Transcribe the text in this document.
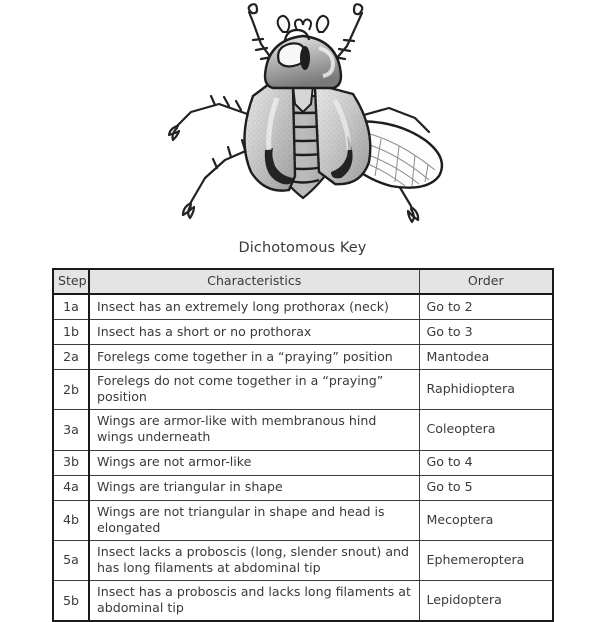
Dichotomous Key
Step	Characteristics	Order
1a	Insect has an extremely long prothorax (neck)	Go to 2
1b	Insect has a short or no prothorax	Go to 3
2a	Forelegs come together in a “praying” position	Mantodea
2b	Forelegs do not come together in a “praying” position	Raphidioptera
3a	Wings are armor-like with membranous hind wings underneath	Coleoptera
3b	Wings are not armor-like	Go to 4
4a	Wings are triangular in shape	Go to 5
4b	Wings are not triangular in shape and head is elongated	Mecoptera
5a	Insect lacks a proboscis (long, slender snout) and has long filaments at abdominal tip	Ephemeroptera
5b	Insect has a proboscis and lacks long filaments at abdominal tip	Lepidoptera
